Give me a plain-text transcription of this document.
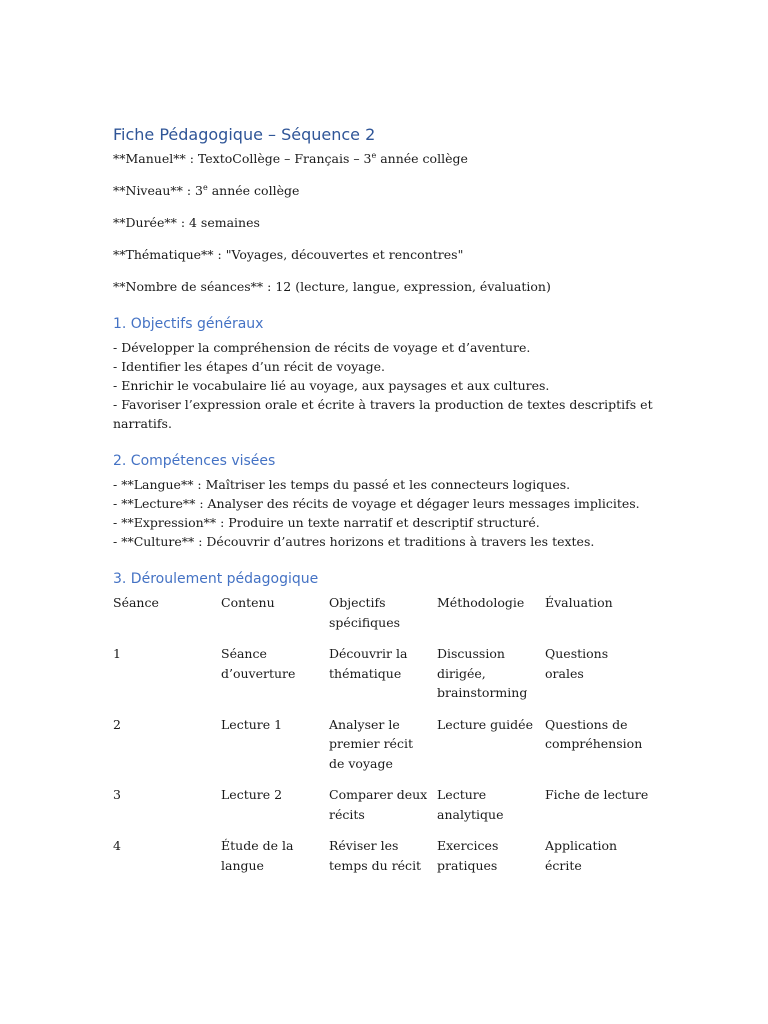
Fiche Pédagogique – Séquence 2

**Manuel** : TextoCollège – Français – 3e année collège

**Niveau** : 3e année collège

**Durée** : 4 semaines

**Thématique** : "Voyages, découvertes et rencontres"

**Nombre de séances** : 12 (lecture, langue, expression, évaluation)

1. Objectifs généraux
- Développer la compréhension de récits de voyage et d’aventure.
- Identifier les étapes d’un récit de voyage.
- Enrichir le vocabulaire lié au voyage, aux paysages et aux cultures.
- Favoriser l’expression orale et écrite à travers la production de textes descriptifs et narratifs.
2. Compétences visées
- **Langue** : Maîtriser les temps du passé et les connecteurs logiques.
- **Lecture** : Analyser des récits de voyage et dégager leurs messages implicites.
- **Expression** : Produire un texte narratif et descriptif structuré.
- **Culture** : Découvrir d’autres horizons et traditions à travers les textes.
3. Déroulement pédagogique
Séance	Contenu	Objectifs spécifiques	Méthodologie	Évaluation
1	Séance d’ouverture	Découvrir la thématique	Discussion dirigée, brainstorming	Questions orales
2	Lecture 1	Analyser le premier récit de voyage	Lecture guidée	Questions de compréhension
3	Lecture 2	Comparer deux récits	Lecture analytique	Fiche de lecture
4	Étude de la langue	Réviser les temps du récit	Exercices pratiques	Application écrite
